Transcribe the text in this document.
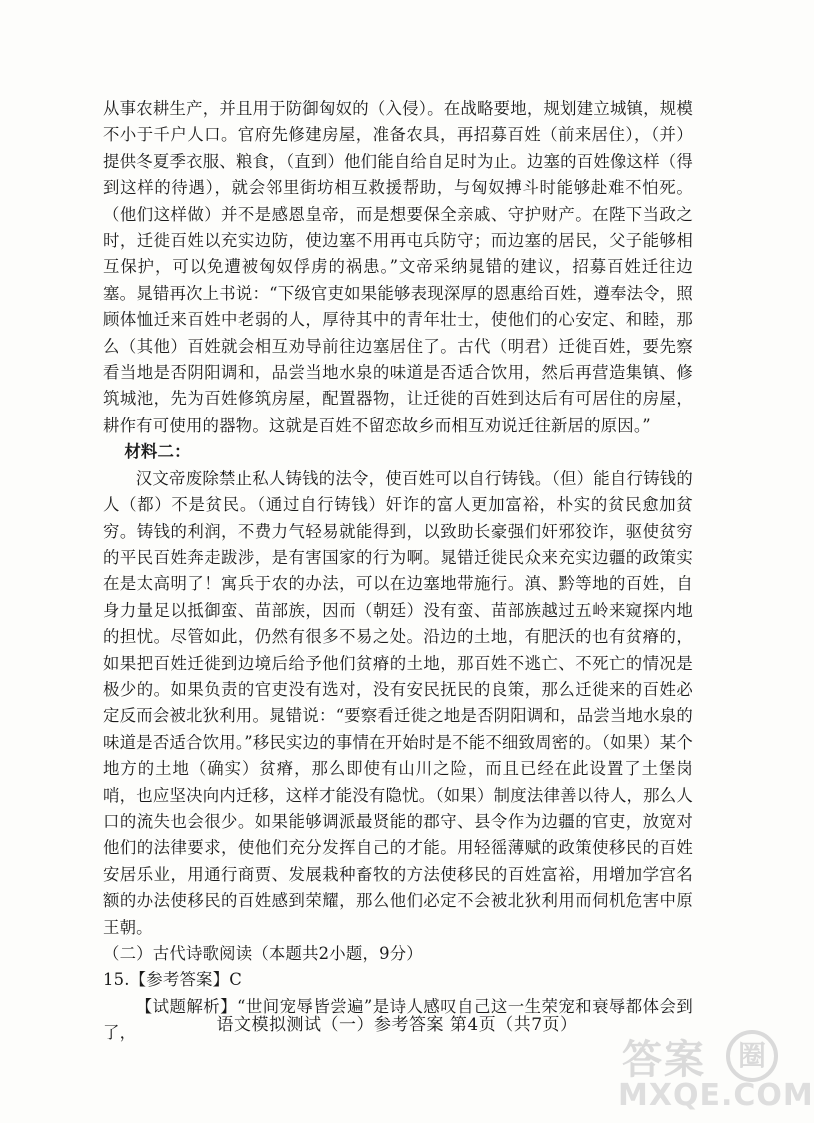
从事农耕生产，并且用于防御匈奴的（入侵）。在战略要地，规划建立城镇，规模不小于千户人口。官府先修建房屋，准备农具，再招募百姓（前来居住），（并）提供冬夏季衣服、粮食，（直到）他们能自给自足时为止。边塞的百姓像这样（得到这样的待遇），就会邻里街坊相互救援帮助，与匈奴搏斗时能够赴难不怕死。（他们这样做）并不是感恩皇帝，而是想要保全亲戚、守护财产。在陛下当政之时，迁徙百姓以充实边防，使边塞不用再屯兵防守；而边塞的居民，父子能够相互保护，可以免遭被匈奴俘虏的祸患。”文帝采纳晁错的建议，招募百姓迁往边塞。晁错再次上书说：“下级官吏如果能够表现深厚的恩惠给百姓，遵奉法令，照顾体恤迁来百姓中老弱的人，厚待其中的青年壮士，使他们的心安定、和睦，那么（其他）百姓就会相互劝导前往边塞居住了。古代（明君）迁徙百姓，要先察看当地是否阴阳调和，品尝当地水泉的味道是否适合饮用，然后再营造集镇、修筑城池，先为百姓修筑房屋，配置器物，让迁徙的百姓到达后有可居住的房屋，耕作有可使用的器物。这就是百姓不留恋故乡而相互劝说迁往新居的原因。”

材料二：

汉文帝废除禁止私人铸钱的法令，使百姓可以自行铸钱。（但）能自行铸钱的人（都）不是贫民。（通过自行铸钱）奸诈的富人更加富裕，朴实的贫民愈加贫穷。铸钱的利润，不费力气轻易就能得到，以致助长豪强们奸邪狡诈，驱使贫穷的平民百姓奔走跋涉，是有害国家的行为啊。晁错迁徙民众来充实边疆的政策实在是太高明了！寓兵于农的办法，可以在边塞地带施行。滇、黔等地的百姓，自身力量足以抵御蛮、苗部族，因而（朝廷）没有蛮、苗部族越过五岭来窥探内地的担忧。尽管如此，仍然有很多不易之处。沿边的土地，有肥沃的也有贫瘠的，如果把百姓迁徙到边境后给予他们贫瘠的土地，那百姓不逃亡、不死亡的情况是极少的。如果负责的官吏没有选对，没有安民抚民的良策，那么迁徙来的百姓必定反而会被北狄利用。晁错说：“要察看迁徙之地是否阴阳调和，品尝当地水泉的味道是否适合饮用。”移民实边的事情在开始时是不能不细致周密的。（如果）某个地方的土地（确实）贫瘠，那么即使有山川之险，而且已经在此设置了土堡岗哨，也应坚决向内迁移，这样才能没有隐忧。（如果）制度法律善以待人，那么人口的流失也会很少。如果能够调派最贤能的郡守、县令作为边疆的官吏，放宽对他们的法律要求，使他们充分发挥自己的才能。用轻徭薄赋的政策使移民的百姓安居乐业，用通行商贾、发展栽种畜牧的方法使移民的百姓富裕，用增加学宫名额的办法使移民的百姓感到荣耀，那么他们必定不会被北狄利用而伺机危害中原王朝。

（二）古代诗歌阅读（本题共2小题，9分）

15.【参考答案】C

【试题解析】“世间宠辱皆尝遍”是诗人感叹自己这一生荣宠和衰辱都体会到了，	语文模拟测试（一）参考答案 第4页（共7页）
答案	圈
MXQE.COM
